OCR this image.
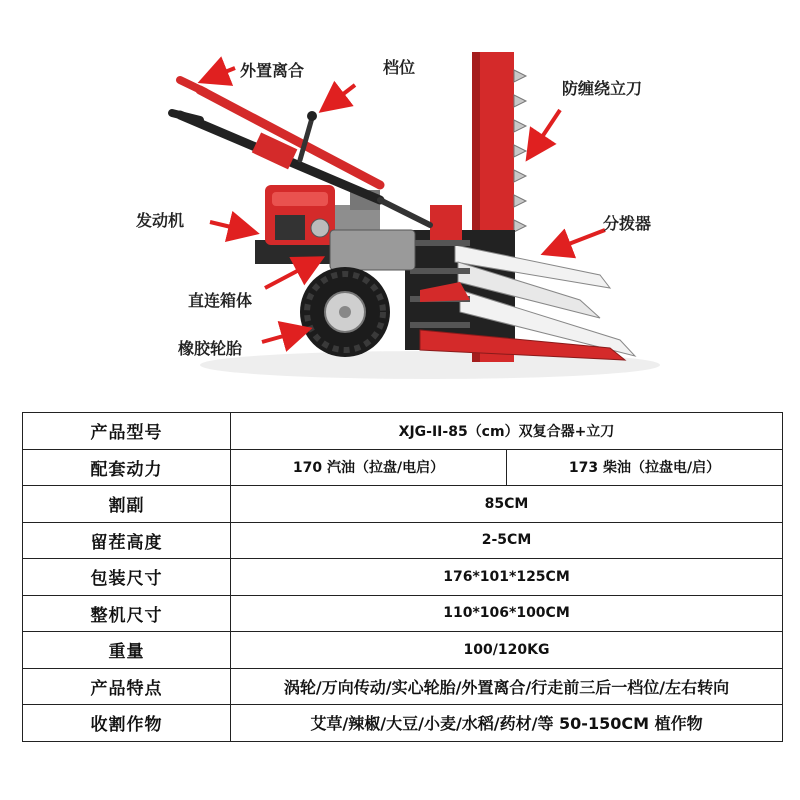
外置离合	档位
防缠绕立刀
发动机	分拨器
直连箱体
橡胶轮胎
产品型号	XJG-II-85（cm）双复合器+立刀	
配套动力	170 汽油（拉盘/电启）	173 柴油（拉盘电/启）
割副	85CM	
留茬高度	2-5CM	
包装尺寸	176*101*125CM	
整机尺寸	110*106*100CM	
重量	100/120KG	
产品特点	涡轮/万向传动/实心轮胎/外置离合/行走前三后一档位/左右转向	
收割作物	艾草/辣椒/大豆/小麦/水稻/药材/等 50-150CM 植作物	
